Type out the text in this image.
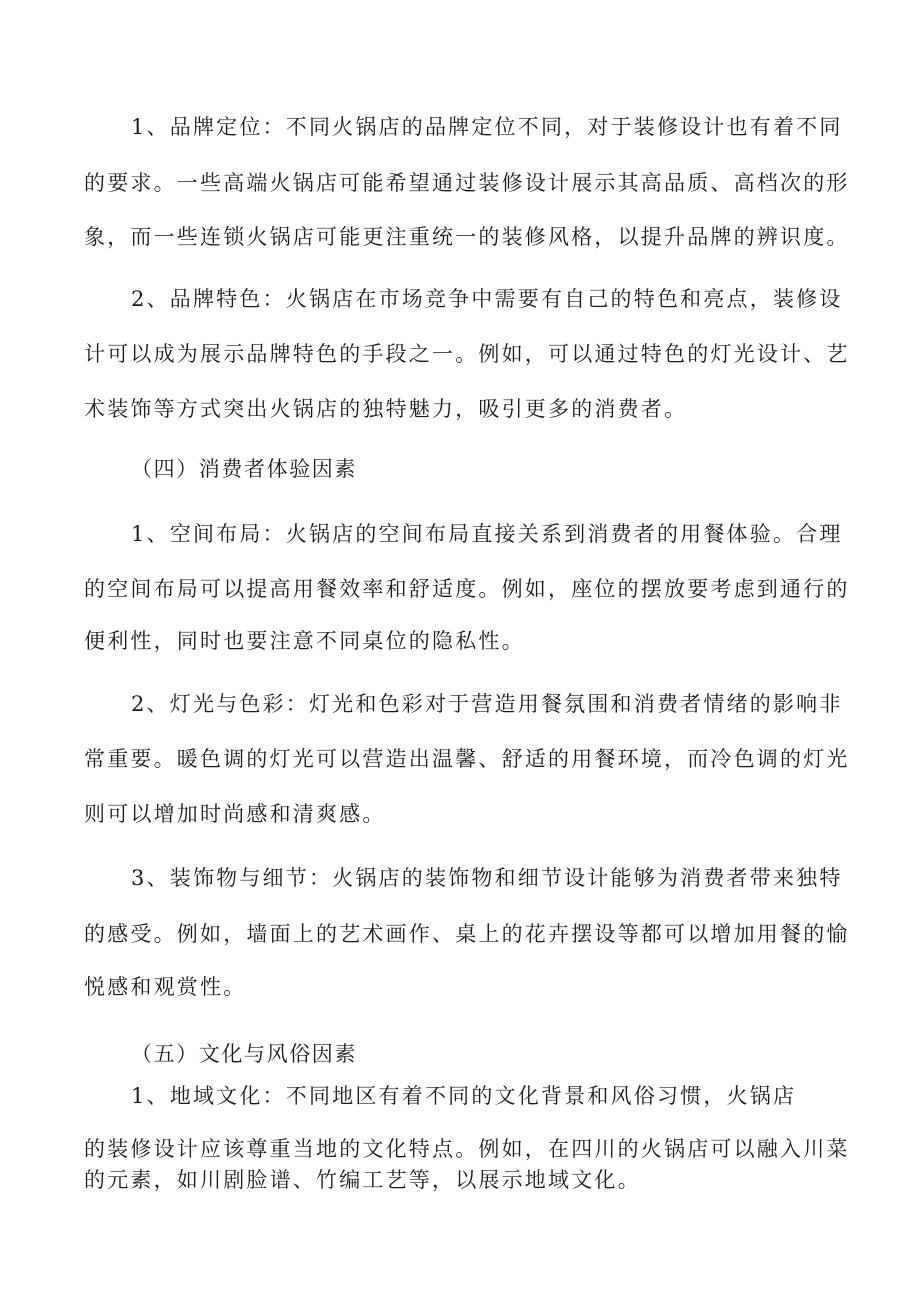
1、品牌定位：不同火锅店的品牌定位不同，对于装修设计也有着不同
的要求。一些高端火锅店可能希望通过装修设计展示其高品质、高档次的形
象，而一些连锁火锅店可能更注重统一的装修风格，以提升品牌的辨识度。
2、品牌特色：火锅店在市场竞争中需要有自己的特色和亮点，装修设
计可以成为展示品牌特色的手段之一。例如，可以通过特色的灯光设计、艺
术装饰等方式突出火锅店的独特魅力，吸引更多的消费者。
（四）消费者体验因素
1、空间布局：火锅店的空间布局直接关系到消费者的用餐体验。合理
的空间布局可以提高用餐效率和舒适度。例如，座位的摆放要考虑到通行的
便利性，同时也要注意不同桌位的隐私性。
2、灯光与色彩：灯光和色彩对于营造用餐氛围和消费者情绪的影响非
常重要。暖色调的灯光可以营造出温馨、舒适的用餐环境，而冷色调的灯光
则可以增加时尚感和清爽感。
3、装饰物与细节：火锅店的装饰物和细节设计能够为消费者带来独特
的感受。例如，墙面上的艺术画作、桌上的花卉摆设等都可以增加用餐的愉
悦感和观赏性。
（五）文化与风俗因素
1、地域文化：不同地区有着不同的文化背景和风俗习惯，火锅店
的装修设计应该尊重当地的文化特点。例如，在四川的火锅店可以融入川菜
的元素，如川剧脸谱、竹编工艺等，以展示地域文化。
